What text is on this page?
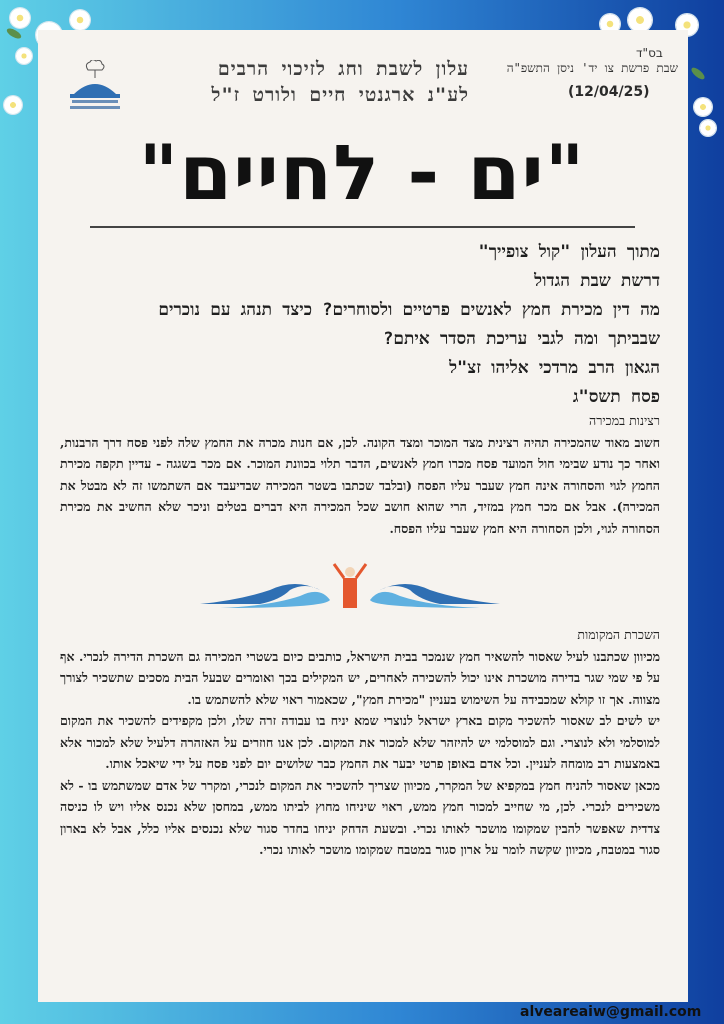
עלון לשבת וחג לזיכוי הרבים
לע"נ ארגנטי חיים ולורט ז"ל
בס"ד
שבת פרשת צו יד' ניסן התשפ"ה
(12/04/25)
"ים - לחיים"
מתוך העלון "קול צופייך"
דרשת שבת הגדול
מה דין מכירת חמץ לאנשים פרטיים ולסוחרים? כיצד תנהג עם נוכרים
שבביתך ומה לגבי עריכת הסדר איתם?
הגאון הרב מרדכי אליהו זצ"ל
פסח תשס"ג

רצינות במכירה

חשוב מאוד שהמכירה תהיה רצינית מצד המוכר ומצד הקונה. לכן, אם חנות מכרה את החמץ שלה לפני פסח דרך הרבנות, ואחר כך נודע שבימי חול המועד פסח מכרו חמץ לאנשים, הדבר תלוי בכוונת המוכר. אם מכר בשגגה - עדיין תקפה מכירת החמץ לגוי והסחורה אינה חמץ שעבר עליו הפסח (ובלבד שכתבו בשטר המכירה שבדיעבד אם השתמשו זה לא מבטל את המכירה). אבל אם מכר חמץ במזיד, הרי שהוא חושב שכל המכירה היא דברים בטלים וניכר שלא החשיב את מכירת הסחורה לגוי, ולכן הסחורה היא חמץ שעבר עליו הפסח.

השכרת המקומות

מכיוון שכתבנו לעיל שאסור להשאיר חמץ שנמכר בבית הישראל, כותבים כיום בשטרי המכירה גם השכרת הדירה לנכרי. אף על פי שמי שגר בדירה מושכרת אינו יכול להשכירה לאחרים, יש המקילים בכך ואומרים שבעל הבית מסכים שתשכיר לצורך מצווה. אך זו קולא שמכבידה על השימוש בעניין "מכירת חמץ", שכאמור ראוי שלא להשתמש בו.

יש לשים לב שאסור להשכיר מקום בארץ ישראל לנוצרי שמא יניח בו עבודה זרה שלו, ולכן מקפידים להשכיר את המקום למוסלמי ולא לנוצרי. וגם למוסלמי יש להיזהר שלא למכור את המקום. לכן אנו חוזרים על האזהרה דלעיל שלא למכור אלא באמצעות רב מומחה לעניין. וכל אדם באופן פרטי יבער את החמץ כבר שלושים יום לפני פסח על ידי שיאכל אותו.

מכאן שאסור להניח חמץ במקפיא של המקרר, מכיוון שצריך להשכיר את המקום לנכרי, ומקרר של אדם שמשתמש בו - לא משכירים לנכרי. לכן, מי שחייב למכור חמץ ממש, ראוי שיניחו מחוץ לביתו ממש, במחסן שלא נכנס אליו ויש לו כניסה צדדית שאפשר להבין שמקומו מושכר לאותו נכרי. ובשעת הדחק יניחו בחדר סגור שלא נכנסים אליו כלל, אבל לא בארון סגור במטבח, מכיוון שקשה לומר על ארון סגור במטבח שמקומו מושכר לאותו נכרי.

alveareaiw@gmail.com
